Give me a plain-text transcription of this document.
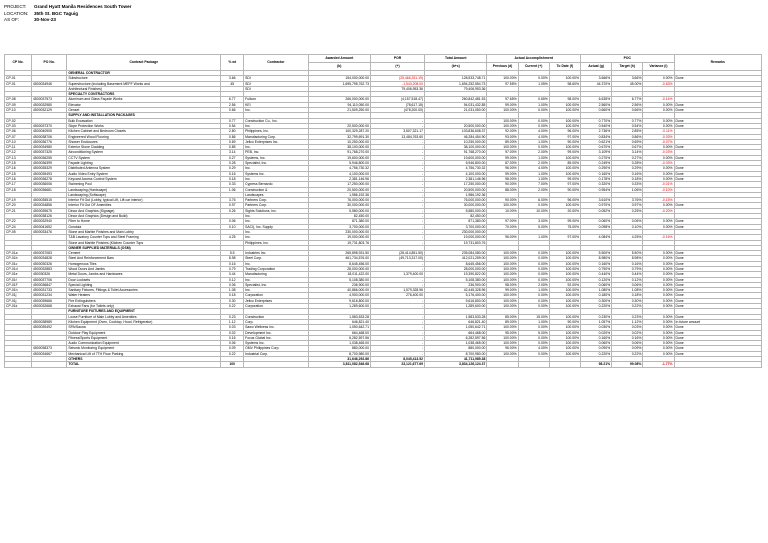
PROJECT:	Grand Hyatt Manila Residences South Tower
LOCATION:	35th St. BGC Taguig
AS OF:	30-Nov-23
CP No.	PO No.	Contract Package	% wt	Contractor	Awarded Amount	POR	Total Amount	Actual Accomplishment			POC			Remarks
					(b)	(+)	(b+c)	Previous (d)	Current (+)	To Date (f)	Actual (g)	Target (h)	Variance (i)	
		GENERAL CONTRACTOR												
CP-01		Substructure	3.66	SDI	154,000,000.00	(25,466,251.19)	128,533,748.71	100.00%	0.00%	100.00%	3.666%	3.66%	0.00%	Done
CP-01	4500034946	Superstructure (including Basement MEPF Works and	45	SDI	1,695,795,762.73	-1,543,208.00	1,694,252,554.73	97.55%	1.05%	98.60%	44.370%	45.00%	-0.63%	
		Architectural Finishes)		SDI		79,406,953.36	79,406,953.36							
		SPECIALTY CONTRACTORS												
CP-08	4500037573	Aluminum and Glass Façade Works	6.77	Fullcon	266,000,000.00	(4,157,518.47)	260,842,481.53	97.65%	0.65%	98.00%	6.635%	6.77%	-0.14%	
CP-09	4500032980	Elevator	2.56	KEI	94,110,050.00	(78,617.15)	94,031,432.85	99.00%	1.00%	100.00%	2.560%	2.56%	0.00%	Done
CP-10	4500032129	Genset	0.66	Inc.	21,509,250.00	(478,200.00)	21,031,050.00	100.00%	0.00%	100.00%	0.660%	0.66%	0.00%	Done
		SUPPLY AND INSTALLATION PACKAGES												
CP-02		Bulk Excavation	0.77	Construction Co., Inc.		-		100.00%	0.00%	100.00%	0.770%	0.77%	0.00%	Done
CP-03	4500037370	Slope Protection Works	0.54	Inc.	20,500,000.00	-	20,500,000.00	100.00%	0.00%	100.00%	0.540%	0.54%	0.00%	Done
CP-06	4500040905	Kitchen Cabinet and Bedroom Closets	2.80	Philippines, Inc.	100,329,287.20	3,507,321.17	103,836,608.37	92.00%	4.00%	96.00%	2.736%	2.85%	-0.11%	
CP-07	4500038706	Engineered Wood Flooring	0.86	Manufacturing Corp.	32,799,691.30	13,484,763.60	46,284,454.90	93.00%	4.00%	97.00%	0.834%	0.86%	-0.03%	
CP-10	4500036776	Shower Enclosures	0.69	Jellco Enterprises Inc.	10,250,000.00	-	10,250,000.00	89.00%	1.00%	90.00%	0.621%	0.69%	-0.07%	
CP-11	4500034980	Exterior Stone Cladding	0.85	Inc.	38,100,000.00	-	38,100,000.00	100.00%	0.00%	100.00%	0.670%	0.67%	0.00%	Done
CP-12	4500037325	Airconditioning System	3.14	PEB, Inc.	91,768,270.00	-	91,768,270.00	97.00%	2.00%	99.00%	3.109%	3.14%	-0.03%	
CP-13	4500036255	CCTV System	0.27	Systems, Inc.	19,600,000.00	-	19,600,000.00	99.00%	1.00%	100.00%	0.270%	0.27%	0.00%	Done
CP-15	4500036399	Façade Lighting	0.28	Specialist, Inc.	5,946,800.00	-	5,946,800.00	87.00%	2.00%	89.00%	0.249%	0.28%	-0.03%	
CP-16	4500035329	Distributed Antenna System	0.29	Inc.	4,756,730.32	-	4,756,730.32	96.00%	4.00%	100.00%	0.290%	0.29%	0.00%	Done
CP-15	4500035493	Audio Video Entry System	0.16	Systems Inc.	4,100,000.00	-	4,100,000.00	99.00%	1.00%	100.00%	0.160%	0.16%	0.00%	Done
CP-16	4500036278	Keycard Access Control System	0.18	Inc.	2,381,146.96	-	2,381,146.96	98.00%	1.00%	99.00%	0.178%	0.18%	0.00%	Done
CP-17	4500036006	Swimming Pool	0.33	Cypress Bernardo	17,250,000.00	-	17,250,000.00	90.00%	7.00%	97.00%	0.320%	0.33%	-0.01%	
CP-18	4500036681	Landscaping (Hardscape)	1.06	Construction &	20,500,000.00	-	20,500,000.00	88.00%	2.00%	90.00%	0.954%	1.06%	-0.10%	
		Landscaping (Softscape)		Landscapes	1,986,192.36	-	1,986,192.36							
CP-19	4500035515	Interior Fit Out (Lobby, typical Lift, Lift car interior)	3.76	Partners Corp.	76,000,000.00	-	76,000,000.00	90.00%	6.00%	96.00%	3.610%	3.76%	-0.15%	
CP-20	4500034856	Interior Fit Out OF Amenities	0.97	Partners Corp.	30,000,000.00	-	30,000,000.00	100.00%	0.00%	100.00%	0.970%	0.97%	0.00%	Done
CP-21	4500039675	Décor And Graphics (Signage)	0.26	Sights Solutions, Inc.	5,580,000.00	-	5,580,000.00	10.00%	10.00%	20.00%	0.052%	0.25%	-0.20%	
	4500038126	Décor And Graphics (Design and Build)		Inc.	82,450.00	-	82,450.00							
CP-22	4500032940	Fiber to Home	0.06	Inc.	871,380.00	-	871,380.00	97.00%	3.00%	99.00%	0.060%	0.06%	0.00%	Done
CP-24	4500041652	Gondola	0.10	SACI), Inc. Supply	3,700,000.00	-	3,700,000.00	70.00%	5.00%	75.00%	0.098%	0.10%	0.00%	Done
CP-05	4500033476	Stone and Marble Finishes and Main Lobby		Inc.	230,000,000.00	-	230,000,000.00							
		T&B Lavatory Counter Tops and Steel Framing	4.25	Inc.	19,000,000.00	-	19,000,000.00	96.00%	1.00%	97.00%	4.084%	4.25%	-0.16%	
		Stone and Marble Finishes (Kitchen Counter Tops		Philippines, Inc.	19,731,803.76	-	19,731,803.76							
		OWNER SUPPLIED MATERIALS (OSM)												
CP-01a	4500037083	Cement	5.5	Industries Inc.	265,898,931.50	(28,414,851.50)	235,084,080.00	100.00%	0.00%	100.00%	5.500%	5.50%	0.00%	Done
CP-01b	4500034828	Steel And Reinforcement Bars	8.98	Steel Corp.	461,734,576.00	(49,713,317.00)	412,021,259.00	100.00%	0.00%	100.00%	8.980%	8.98%	0.00%	Done
CP-01c	4500030326	Homogenous Tiles	0.16	Inc.	8,645,456.00	-	8,645,456.00	100.00%	0.00%	100.00%	0.160%	0.16%	0.00%	Done
CP-01d	4500032883	Wood Doors And Jambs	0.79	Trading Corporation	28,000,000.00	-	28,000,000.00	100.00%	0.00%	100.00%	0.790%	0.79%	0.00%	Done
CP-01e	450030326	Metal Doors, Jambs and Hardwares	0.44	Manufacturing	18,011,422.00	1,379,400.00	19,390,822.00	100.00%	0.00%	100.00%	0.440%	0.44%	0.00%	Done
CP-01f	4500037706	Door Locksets	0.12	Inc.	5,108,380.00	-	5,108,380.00	100.00%	0.00%	100.00%	0.120%	0.12%	0.00%	Done
CP-01F	4500036847	Special Lighting	0.06	Specialist, Inc.	236,900.00	-	236,900.00	98.00%	2.00%	92.00%	0.060%	0.06%	0.00%	Done
CP-01h	4500031733	Sanitary Fixtures, Fittings & Toilet Accessories	1.08	Inc.	40,866,000.00	1,579,328.96	42,445,328.96	99.00%	1.00%	100.00%	1.080%	1.08%	0.00%	Done
CP-01j	4500031234	Water Heaters	0.18	Corporation	4,900,000.00	276,400.00	5,176,400.00	100.00%	0.00%	100.00%	0.180%	0.18%	0.00%	Done
CP-01j	4500039666	Fire Extinguishers	0.30	Jellco Enterprises	9,616,800.00	-	9,616,800.00	100.00%	0.00%	100.00%	0.300%	0.30%	0.00%	Done
CP-01k	4500032668	Exhaust Fans (for Toilets only)	0.22	Corporation	1,289,600.00	-	1,289,600.00	100.00%	0.00%	100.00%	0.220%	0.22%	0.00%	Done
		FURNITURE FIXTURES AND EQUIPMENT												
		Loose Furniture of Main Lobby and Amenities	0.23	Construction	1,583,533.28	-	1,583,533.28	85.00%	15.00%	100.00%	0.230%	0.23%	0.00%	Done
	4500038989	Kitchen Equipment (Oven, Cooktop, Hood, Refrigerator)	1.12	Corp.	646,821.40	-	646,821.40	89.00%	1.00%	90.00%	1.057%	1.12%	0.00%	In future amount
	4500039492	SPA/Sauna	0.03	Sawo Wellness Inc.	1,050,642.71	-	1,050,642.71	100.00%	0.00%	100.00%	0.030%	0.03%	0.00%	Done
		Outdoor Play Equipment	0.02	Development Inc.	664,468.00	-	664,468.00	95.00%	5.00%	100.00%	0.020%	0.02%	0.00%	Done
		Fitness/Sports Equipment	0.16	Focus Global Inc.	6,282,597.56	-	6,282,597.56	100.00%	0.00%	100.00%	0.160%	0.16%	0.00%	Done
		Audio Communication Equipment	0.06	Systems Inc.	1,038,465.00	-	1,038,465.00	100.00%	0.00%	100.00%	0.060%	0.06%	0.00%	Done
	4500038373	Seismic Monitoring Equipment	0.09	OMV Philippines Corp.	880,000.00	-	880,000.00	96.00%	4.00%	100.00%	0.090%	0.09%	0.00%	Done
	4500034667	Mechanical Lift of 7TH Floor Parking	0.22	Industrial Corp.	8,700,980.00	-	8,700,980.00	100.00%	0.00%	100.00%	0.220%	0.22%	0.00%	Done
		OTHERS			31,646,292.86	8,045,413.52	41,711,985.38							
		TOTAL	100		3,811,082,546.68	23,121,677.69	3,834,126,124.37				98.21%	99.08%	-1.77%	
